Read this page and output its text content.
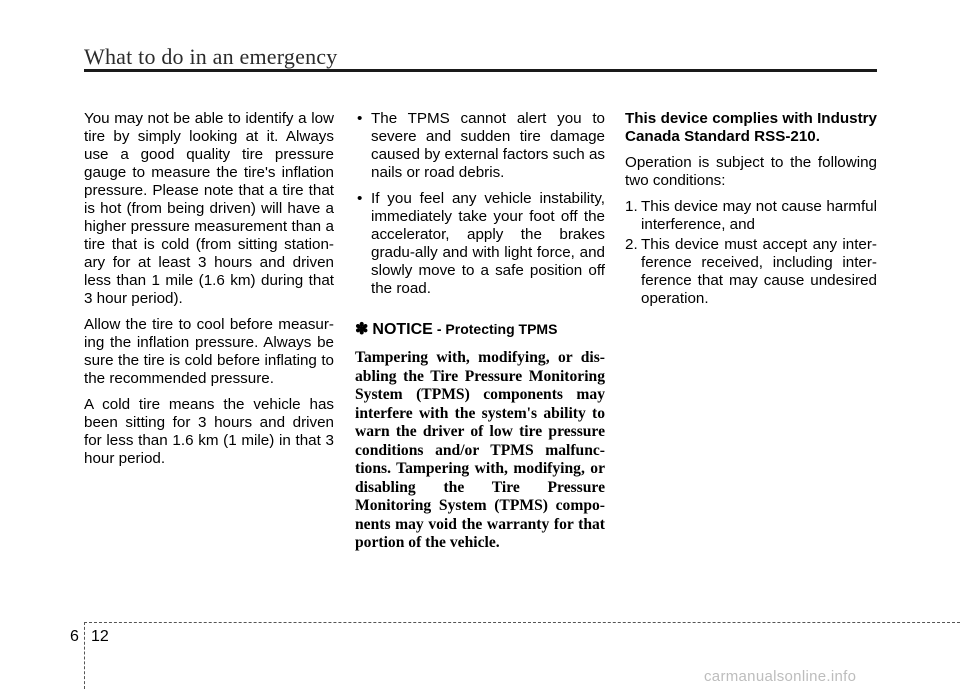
What to do in an emergency

You may not be able to identify a low tire by simply looking at it. Always use a good quality tire pressure gauge to measure the tire's inflation pressure. Please note that a tire that is hot (from being driven) will have a higher pressure measurement than a tire that is cold (from sitting station-ary for at least 3 hours and driven less than 1 mile (1.6 km) during that 3 hour period).

Allow the tire to cool before measur-ing the inflation pressure. Always be sure the tire is cold before inflating to the recommended pressure.

A cold tire means the vehicle has been sitting for 3 hours and driven for less than 1.6 km (1 mile) in that 3 hour period.

• The TPMS cannot alert you to severe and sudden tire damage caused by external factors such as nails or road debris.
• If you feel any vehicle instability, immediately take your foot off the accelerator, apply the brakes gradu-ally and with light force, and slowly move to a safe position off the road.
✽ NOTICE - Protecting TPMS

Tampering with, modifying, or dis-abling the Tire Pressure Monitoring System (TPMS) components may interfere with the system's ability to warn the driver of low tire pressure conditions and/or TPMS malfunc-tions. Tampering with, modifying, or disabling the Tire Pressure Monitoring System (TPMS) compo-nents may void the warranty for that portion of the vehicle.

This device complies with Industry Canada Standard RSS-210.

Operation is subject to the following two conditions:

1. This device may not cause harmful interference, and
2. This device must accept any inter-ference received, including inter-ference that may cause undesired operation.
6 12
carmanualsonline.info
